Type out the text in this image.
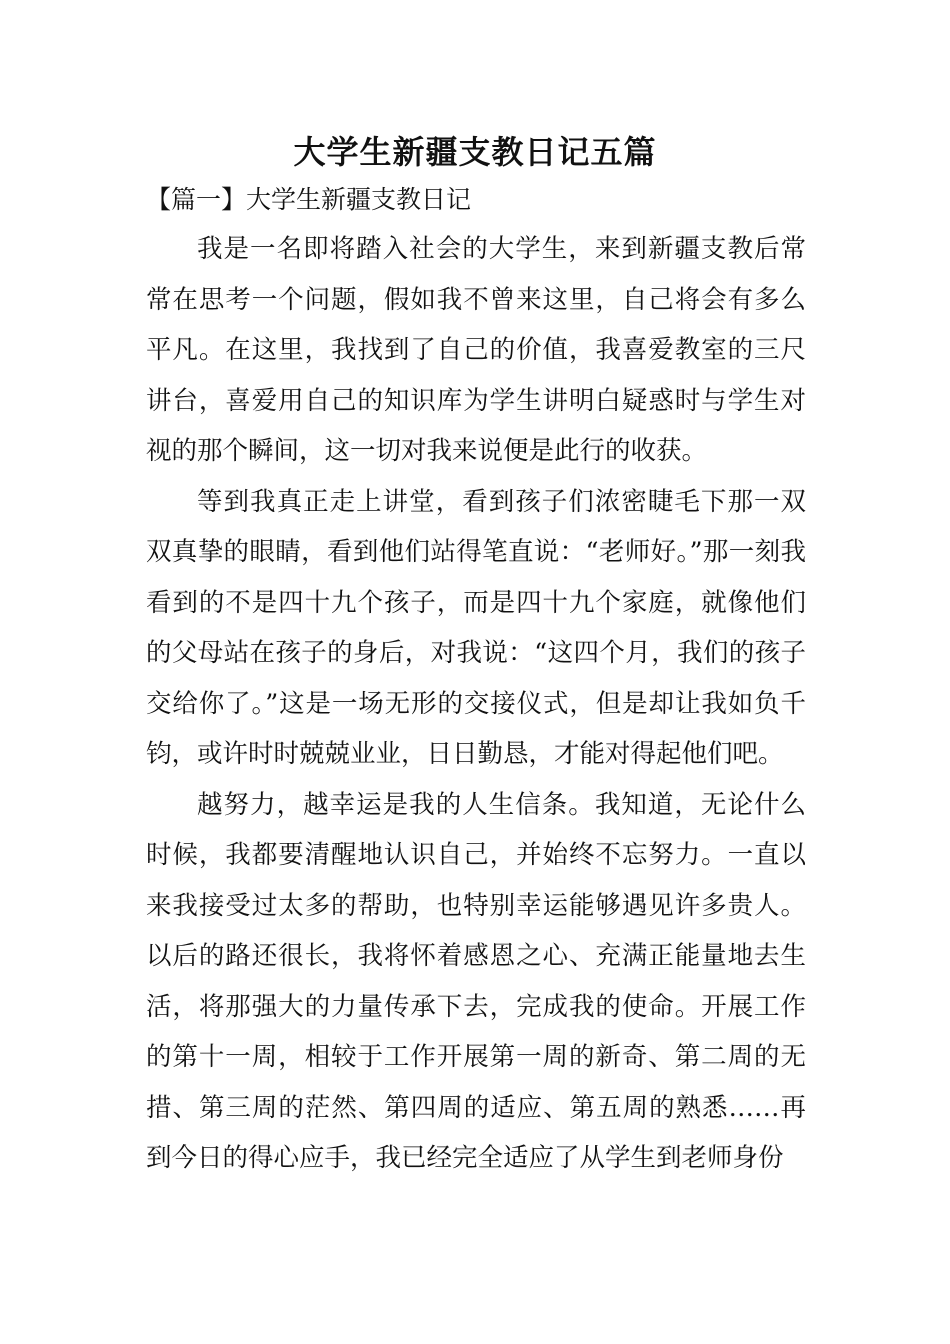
大学生新疆支教日记五篇
【篇一】大学生新疆支教日记

我是一名即将踏入社会的大学生，来到新疆支教后常常在思考一个问题，假如我不曾来这里，自己将会有多么平凡。在这里，我找到了自己的价值，我喜爱教室的三尺讲台，喜爱用自己的知识库为学生讲明白疑惑时与学生对视的那个瞬间，这一切对我来说便是此行的收获。

等到我真正走上讲堂，看到孩子们浓密睫毛下那一双双真挚的眼睛，看到他们站得笔直说：“老师好。”那一刻我看到的不是四十九个孩子，而是四十九个家庭，就像他们的父母站在孩子的身后，对我说：“这四个月，我们的孩子交给你了。”这是一场无形的交接仪式，但是却让我如负千钧，或许时时兢兢业业，日日勤恳，才能对得起他们吧。

越努力，越幸运是我的人生信条。我知道，无论什么时候，我都要清醒地认识自己，并始终不忘努力。一直以来我接受过太多的帮助，也特别幸运能够遇见许多贵人。以后的路还很长，我将怀着感恩之心、充满正能量地去生活，将那强大的力量传承下去，完成我的使命。开展工作的第十一周，相较于工作开展第一周的新奇、第二周的无措、第三周的茫然、第四周的适应、第五周的熟悉……再到今日的得心应手，我已经完全适应了从学生到老师身份
